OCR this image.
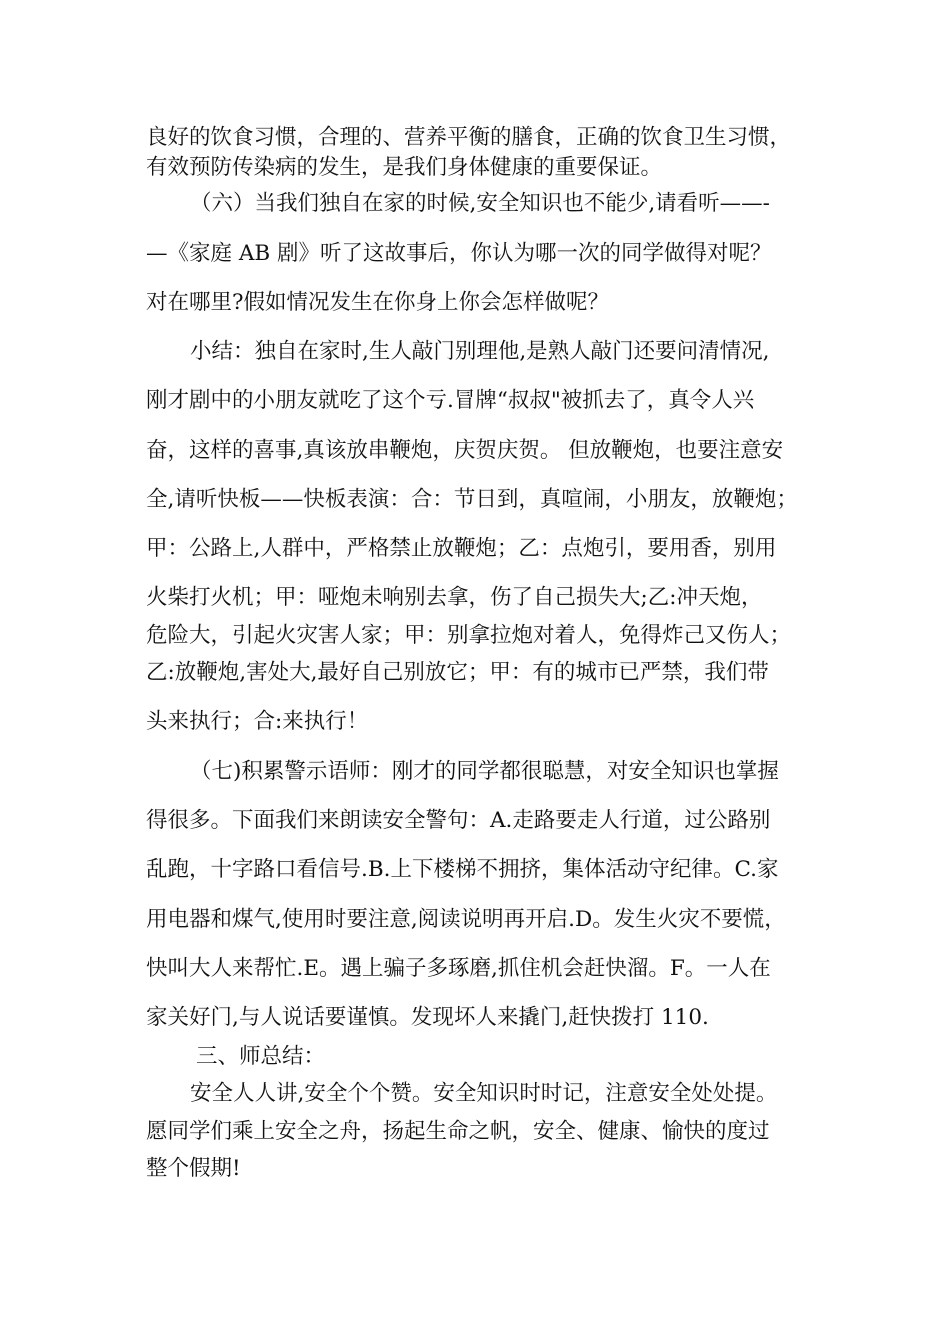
良好的饮食习惯，合理的、营养平衡的膳食，正确的饮食卫生习惯，
有效预防传染病的发生，是我们身体健康的重要保证。
（六）当我们独自在家的时候,安全知识也不能少,请看听——-
—《家庭 AB 剧》听了这故事后，你认为哪一次的同学做得对呢？
对在哪里?假如情况发生在你身上你会怎样做呢？
小结：独自在家时,生人敲门别理他,是熟人敲门还要问清情况,
刚才剧中的小朋友就吃了这个亏.冒牌“叔叔"被抓去了，真令人兴
奋，这样的喜事,真该放串鞭炮，庆贺庆贺。 但放鞭炮，也要注意安
全,请听快板——快板表演：合：节日到，真喧闹，小朋友，放鞭炮；
甲：公路上,人群中，严格禁止放鞭炮；乙：点炮引，要用香，别用
火柴打火机；甲：哑炮未响别去拿，伤了自己损失大;乙:冲天炮，
危险大，引起火灾害人家；甲：别拿拉炮对着人，免得炸己又伤人；
乙:放鞭炮,害处大,最好自己别放它；甲：有的城市已严禁，我们带
头来执行；合:来执行！
（七)积累警示语师：刚才的同学都很聪慧，对安全知识也掌握
得很多。下面我们来朗读安全警句：A.走路要走人行道，过公路别
乱跑，十字路口看信号.B.上下楼梯不拥挤，集体活动守纪律。C.家
用电器和煤气,使用时要注意,阅读说明再开启.D。发生火灾不要慌，
快叫大人来帮忙.E。遇上骗子多琢磨,抓住机会赶快溜。F。一人在
家关好门,与人说话要谨慎。发现坏人来撬门,赶快拨打 110.
三、师总结：
安全人人讲,安全个个赞。安全知识时时记，注意安全处处提。
愿同学们乘上安全之舟，扬起生命之帆，安全、健康、愉快的度过
整个假期!
